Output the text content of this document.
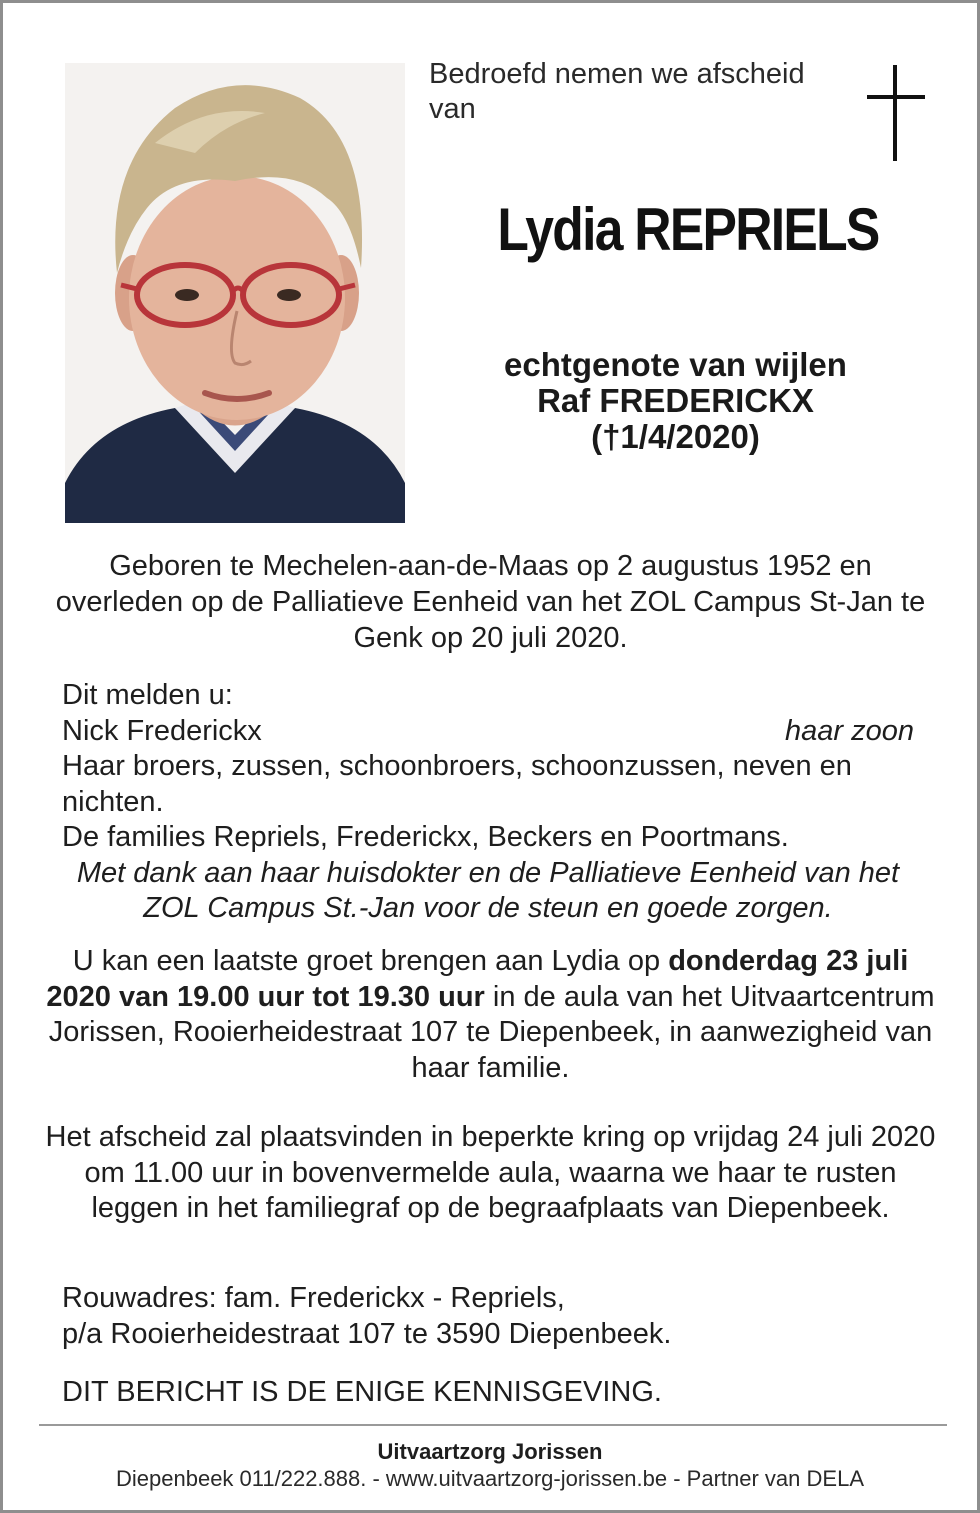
Bedroefd nemen we afscheid van
Lydia REPRIELS
echtgenote van wijlen
Raf FREDERICKX
(†1/4/2020)
Geboren te Mechelen-aan-de-Maas op 2 augustus 1952 en overleden op de Palliatieve Eenheid van het ZOL Campus St-Jan te Genk op 20 juli 2020.

Dit melden u:

Nick Frederickx	haar zoon

Haar broers, zussen, schoonbroers, schoonzussen, neven en nichten.

De families Repriels, Frederickx, Beckers en Poortmans.

Met dank aan haar huisdokter en de Palliatieve Eenheid van het ZOL Campus St.-Jan voor de steun en goede zorgen.

U kan een laatste groet brengen aan Lydia op donderdag 23 juli 2020 van 19.00 uur tot 19.30 uur in de aula van het Uitvaartcentrum Jorissen, Rooierheidestraat 107 te Diepenbeek, in aanwezigheid van haar familie.
Het afscheid zal plaatsvinden in beperkte kring op vrijdag 24 juli 2020 om 11.00 uur in bovenvermelde aula, waarna we haar te rusten leggen in het familiegraf op de begraafplaats van Diepenbeek.

Rouwadres: fam. Frederickx - Repriels,

p/a Rooierheidestraat 107 te 3590 Diepenbeek.

DIT BERICHT IS DE ENIGE KENNISGEVING.
Uitvaartzorg Jorissen
Diepenbeek 011/222.888. - www.uitvaartzorg-jorissen.be - Partner van DELA
